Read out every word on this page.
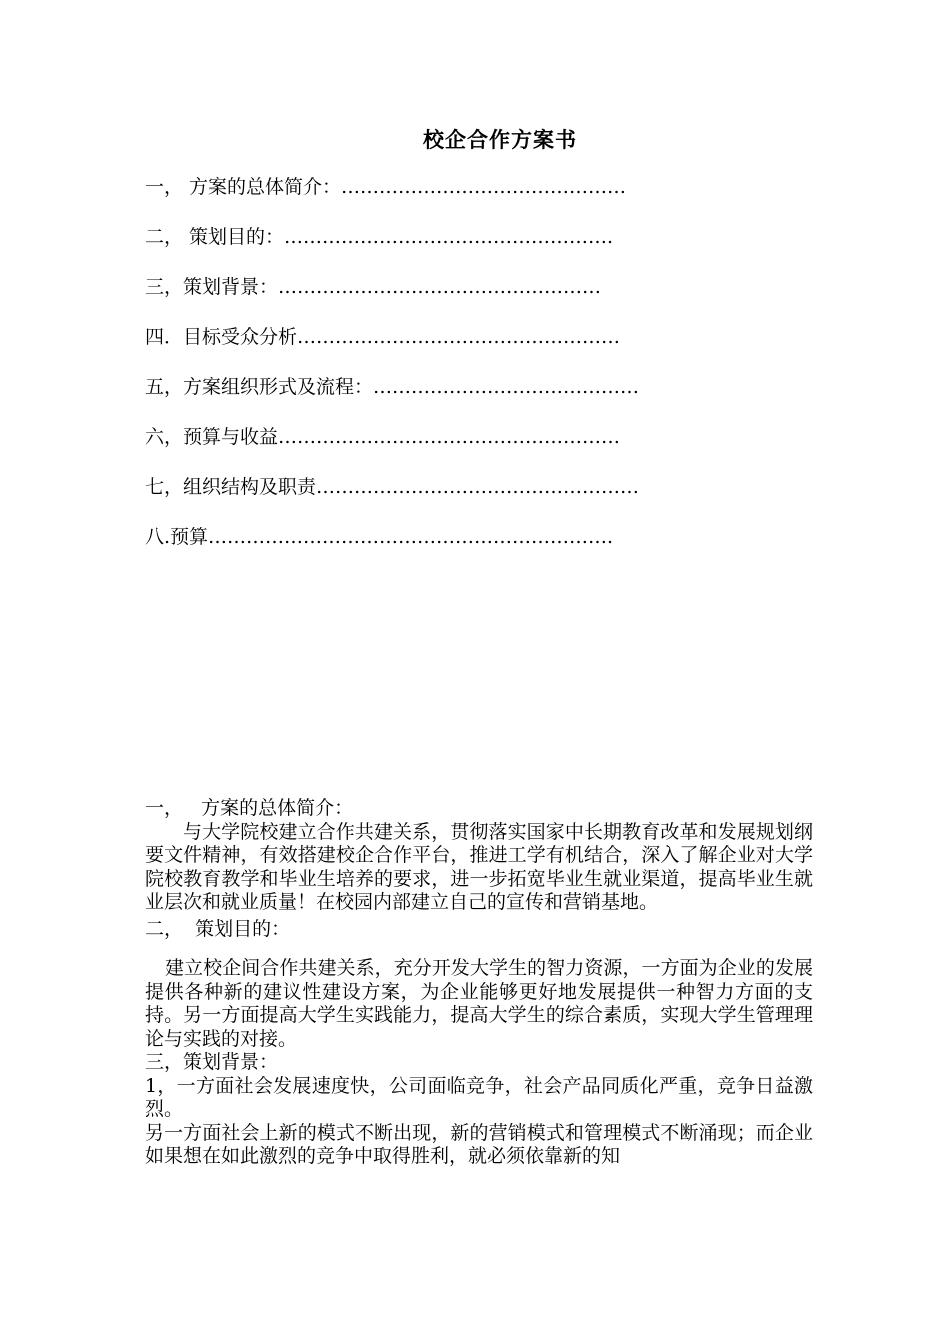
校企合作方案书
一， 方案的总体简介：………………………………………
二， 策划目的：…………………………………………….
三，策划背景：……………………………………………
四．目标受众分析……………………………………………
五，方案组织形式及流程：……………………………………
六，预算与收益………………………………………………
七，组织结构及职责……………………………………………
八.预算……………………………………………………….

一，   方案的总体简介：

与大学院校建立合作共建关系，贯彻落实国家中长期教育改革和发展规划纲要文件精神，有效搭建校企合作平台，推进工学有机结合，深入了解企业对大学院校教育教学和毕业生培养的要求，进一步拓宽毕业生就业渠道，提高毕业生就业层次和就业质量！在校园内部建立自己的宣传和营销基地。

二，  策划目的：

建立校企间合作共建关系，充分开发大学生的智力资源，一方面为企业的发展提供各种新的建议性建设方案，为企业能够更好地发展提供一种智力方面的支持。另一方面提高大学生实践能力，提高大学生的综合素质，实现大学生管理理论与实践的对接。

三，策划背景：

1，一方面社会发展速度快，公司面临竞争，社会产品同质化严重，竞争日益激烈。

另一方面社会上新的模式不断出现，新的营销模式和管理模式不断涌现；而企业如果想在如此激烈的竞争中取得胜利，就必须依靠新的知
